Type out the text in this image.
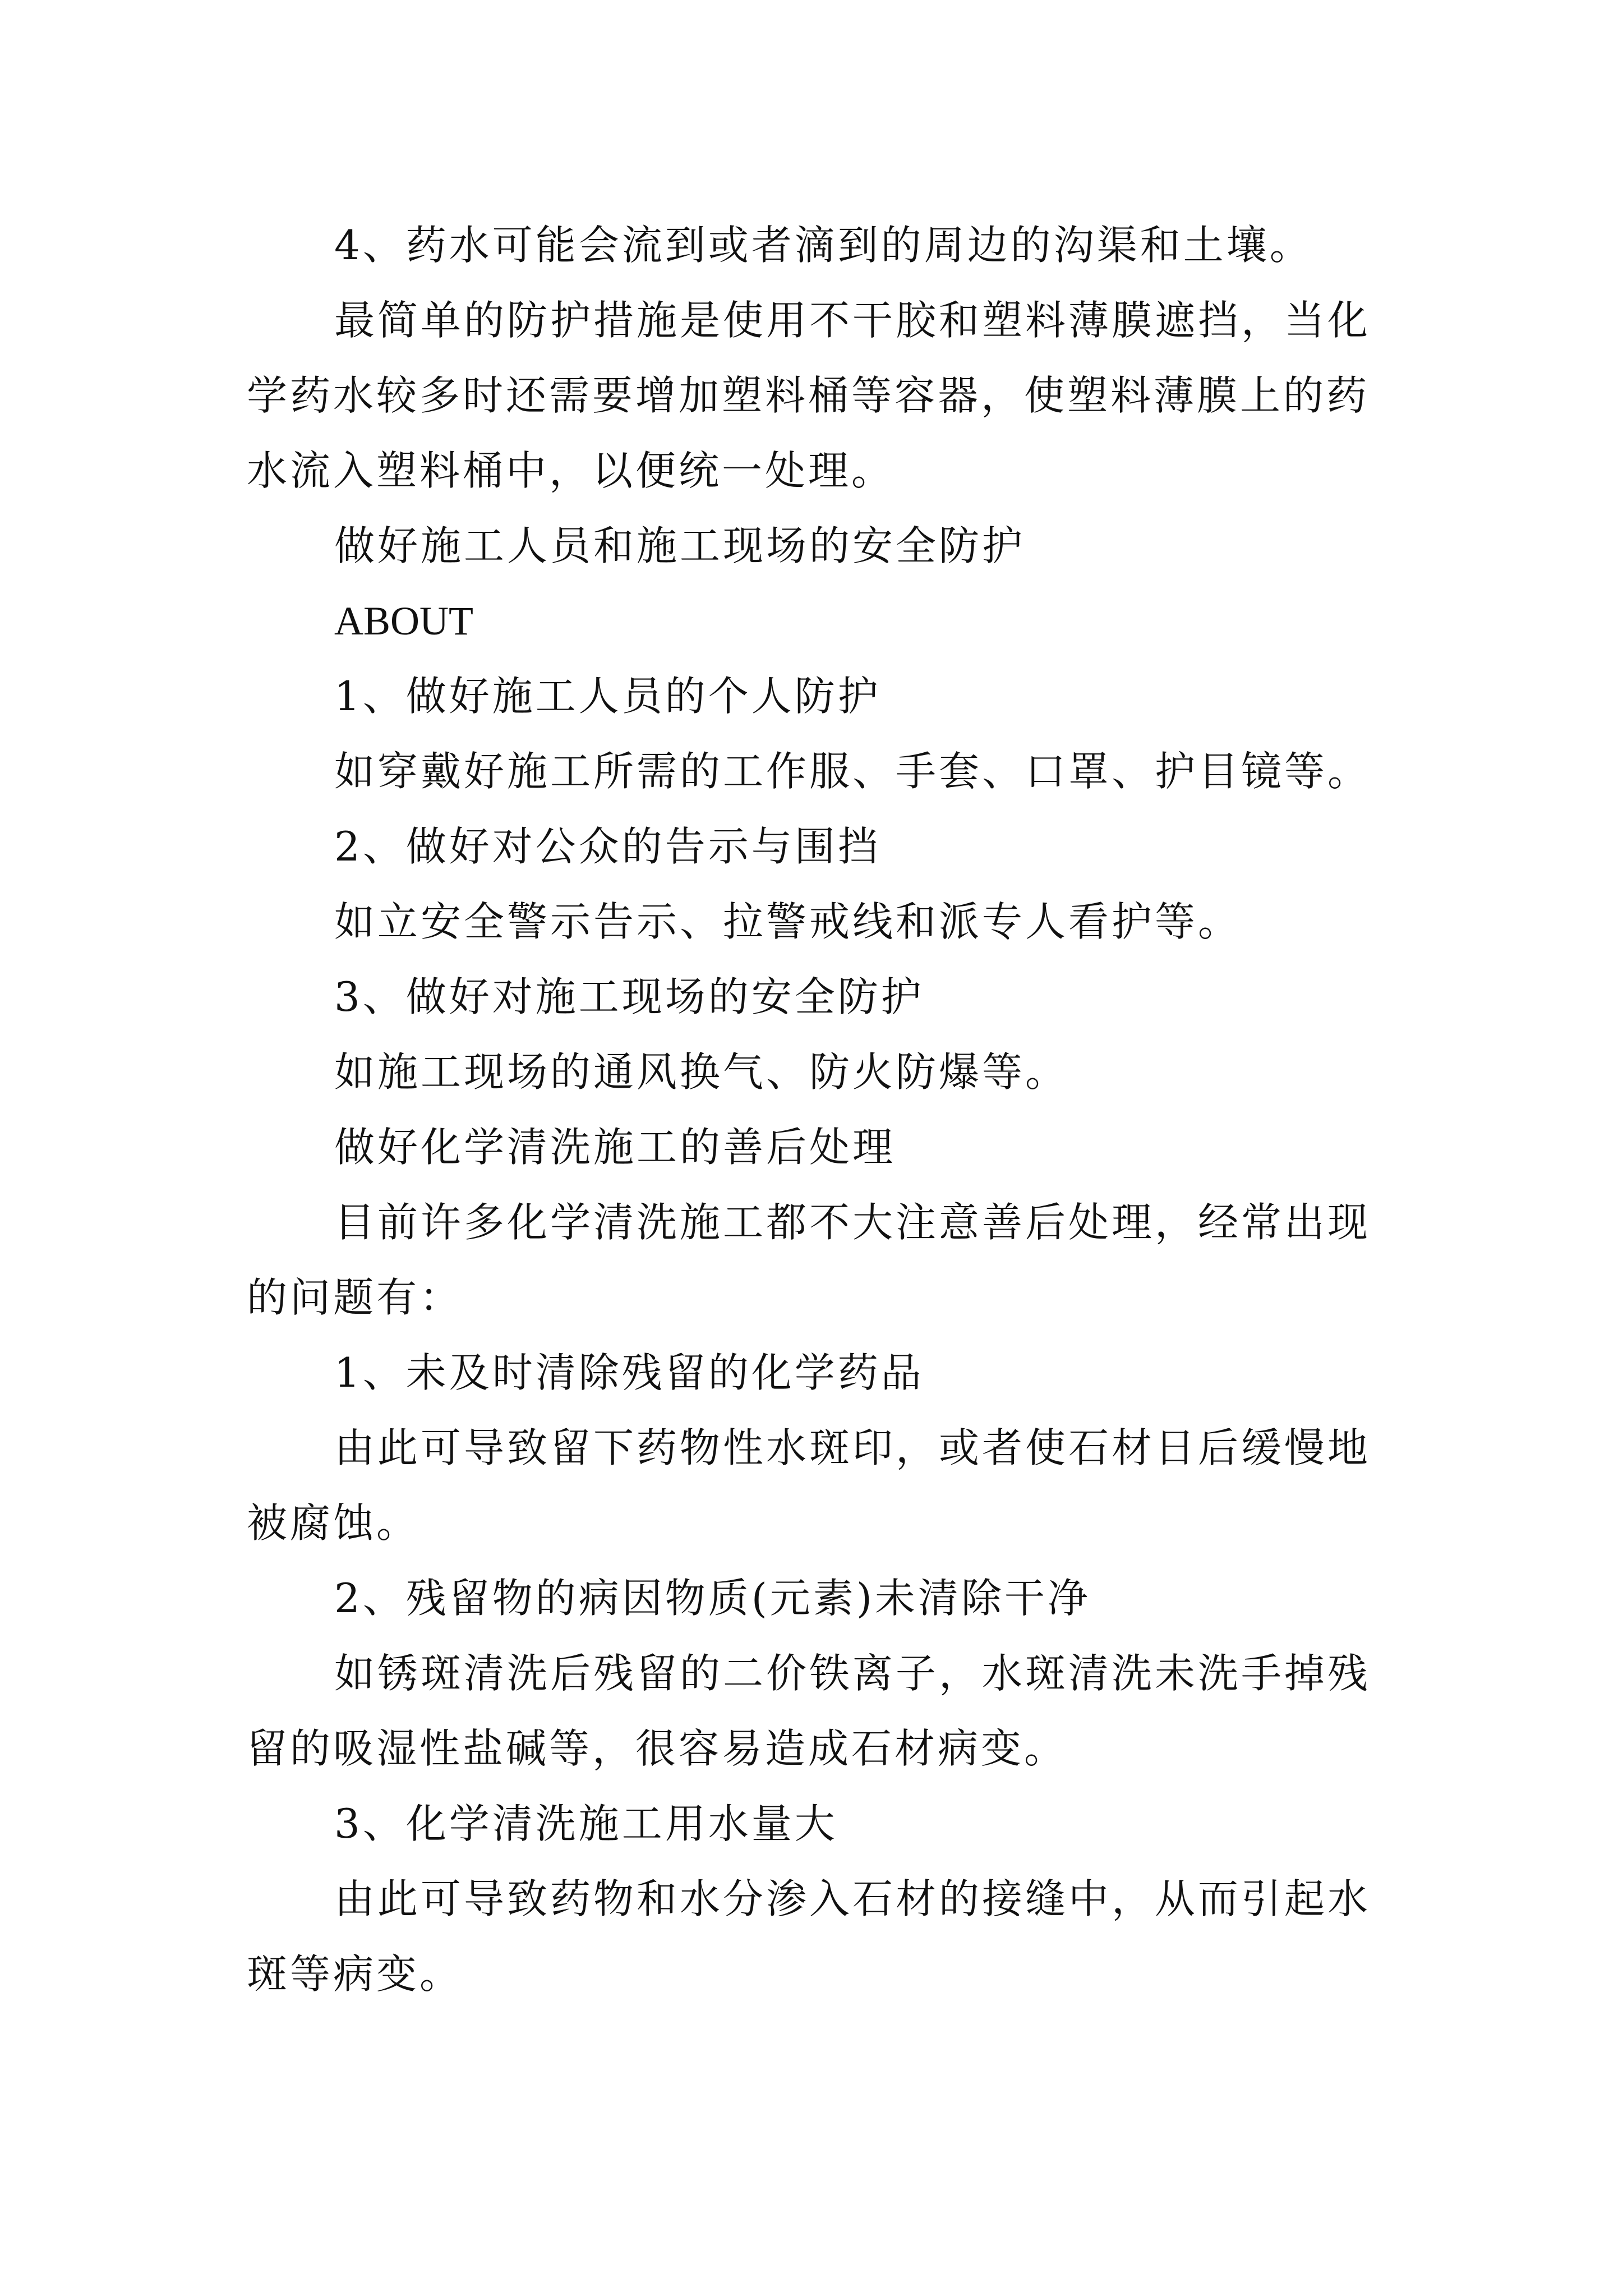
4、药水可能会流到或者滴到的周边的沟渠和土壤。

最简单的防护措施是使用不干胶和塑料薄膜遮挡，当化学药水较多时还需要增加塑料桶等容器，使塑料薄膜上的药水流入塑料桶中，以便统一处理。

做好施工人员和施工现场的安全防护

ABOUT

1、做好施工人员的个人防护

如穿戴好施工所需的工作服、手套、口罩、护目镜等。

2、做好对公众的告示与围挡

如立安全警示告示、拉警戒线和派专人看护等。

3、做好对施工现场的安全防护

如施工现场的通风换气、防火防爆等。

做好化学清洗施工的善后处理

目前许多化学清洗施工都不大注意善后处理，经常出现的问题有：

1、未及时清除残留的化学药品

由此可导致留下药物性水斑印，或者使石材日后缓慢地被腐蚀。

2、残留物的病因物质(元素)未清除干净

如锈斑清洗后残留的二价铁离子，水斑清洗未洗手掉残留的吸湿性盐碱等，很容易造成石材病变。

3、化学清洗施工用水量大

由此可导致药物和水分渗入石材的接缝中，从而引起水斑等病变。
